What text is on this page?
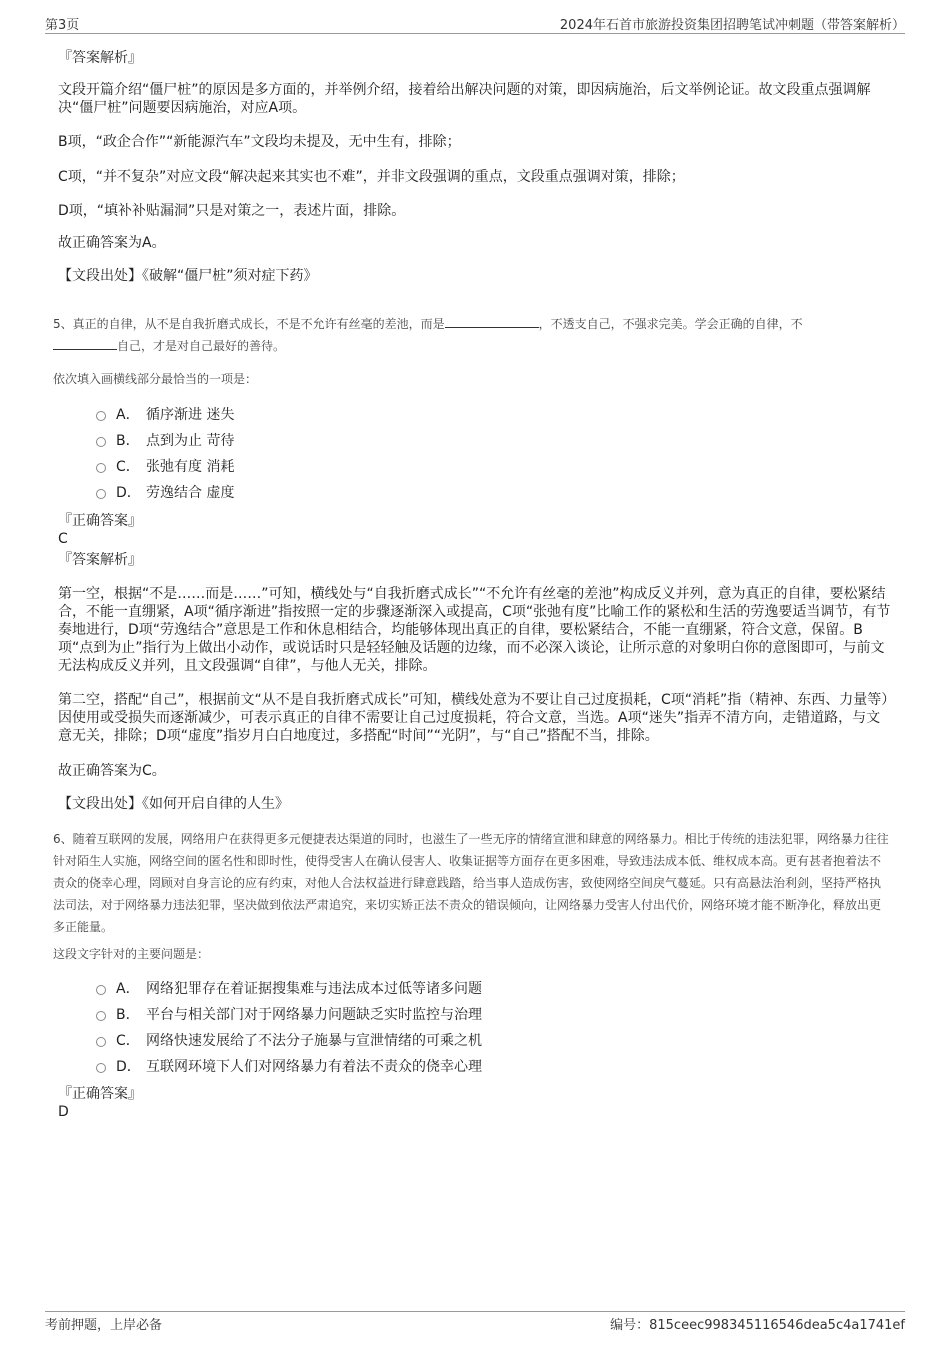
第3页	2024年石首市旅游投资集团招聘笔试冲刺题（带答案解析）
『答案解析』
文段开篇介绍“僵尸桩”的原因是多方面的，并举例介绍，接着给出解决问题的对策，即因病施治，后文举例论证。故文段重点强调解决“僵尸桩”问题要因病施治，对应A项。
B项，“政企合作”“新能源汽车”文段均未提及，无中生有，排除；
C项，“并不复杂”对应文段“解决起来其实也不难”，并非文段强调的重点，文段重点强调对策，排除；
D项，“填补补贴漏洞”只是对策之一，表述片面，排除。
故正确答案为A。
【文段出处】《破解“僵尸桩”须对症下药》
5、真正的自律，从不是自我折磨式成长，不是不允许有丝毫的差池，而是	，不透支自己，不强求完美。学会正确的自律，不
自己，才是对自己最好的善待。
依次填入画横线部分最恰当的一项是：
A． 循序渐进 迷失
B． 点到为止 苛待
C． 张弛有度 消耗
D． 劳逸结合 虚度
『正确答案』
C
『答案解析』
第一空，根据“不是……而是……”可知，横线处与“自我折磨式成长”“不允许有丝毫的差池”构成反义并列，意为真正的自律，要松紧结合，不能一直绷紧，A项“循序渐进”指按照一定的步骤逐渐深入或提高，C项“张弛有度”比喻工作的紧松和生活的劳逸要适当调节，有节奏地进行，D项“劳逸结合”意思是工作和休息相结合，均能够体现出真正的自律，要松紧结合，不能一直绷紧，符合文意，保留。B项“点到为止”指行为上做出小动作，或说话时只是轻轻触及话题的边缘，而不必深入谈论，让所示意的对象明白你的意图即可，与前文无法构成反义并列，且文段强调“自律”，与他人无关，排除。
第二空，搭配“自己”，根据前文“从不是自我折磨式成长”可知，横线处意为不要让自己过度损耗，C项“消耗”指（精神、东西、力量等）因使用或受损失而逐渐减少，可表示真正的自律不需要让自己过度损耗，符合文意，当选。A项“迷失”指弄不清方向，走错道路，与文意无关，排除；D项“虚度”指岁月白白地度过，多搭配“时间”“光阴”，与“自己”搭配不当，排除。
故正确答案为C。
【文段出处】《如何开启自律的人生》
6、随着互联网的发展，网络用户在获得更多元便捷表达渠道的同时，也滋生了一些无序的情绪宣泄和肆意的网络暴力。相比于传统的违法犯罪，网络暴力往往针对陌生人实施，网络空间的匿名性和即时性，使得受害人在确认侵害人、收集证据等方面存在更多困难，导致违法成本低、维权成本高。更有甚者抱着法不责众的侥幸心理，罔顾对自身言论的应有约束，对他人合法权益进行肆意践踏，给当事人造成伤害，致使网络空间戾气蔓延。只有高悬法治利剑，坚持严格执法司法，对于网络暴力违法犯罪，坚决做到依法严肃追究，来切实矫正法不责众的错误倾向，让网络暴力受害人付出代价，网络环境才能不断净化，释放出更多正能量。
这段文字针对的主要问题是：
A． 网络犯罪存在着证据搜集难与违法成本过低等诸多问题
B． 平台与相关部门对于网络暴力问题缺乏实时监控与治理
C． 网络快速发展给了不法分子施暴与宣泄情绪的可乘之机
D． 互联网环境下人们对网络暴力有着法不责众的侥幸心理
『正确答案』
D
考前押题，上岸必备	编号：815ceec998345116546dea5c4a1741ef
